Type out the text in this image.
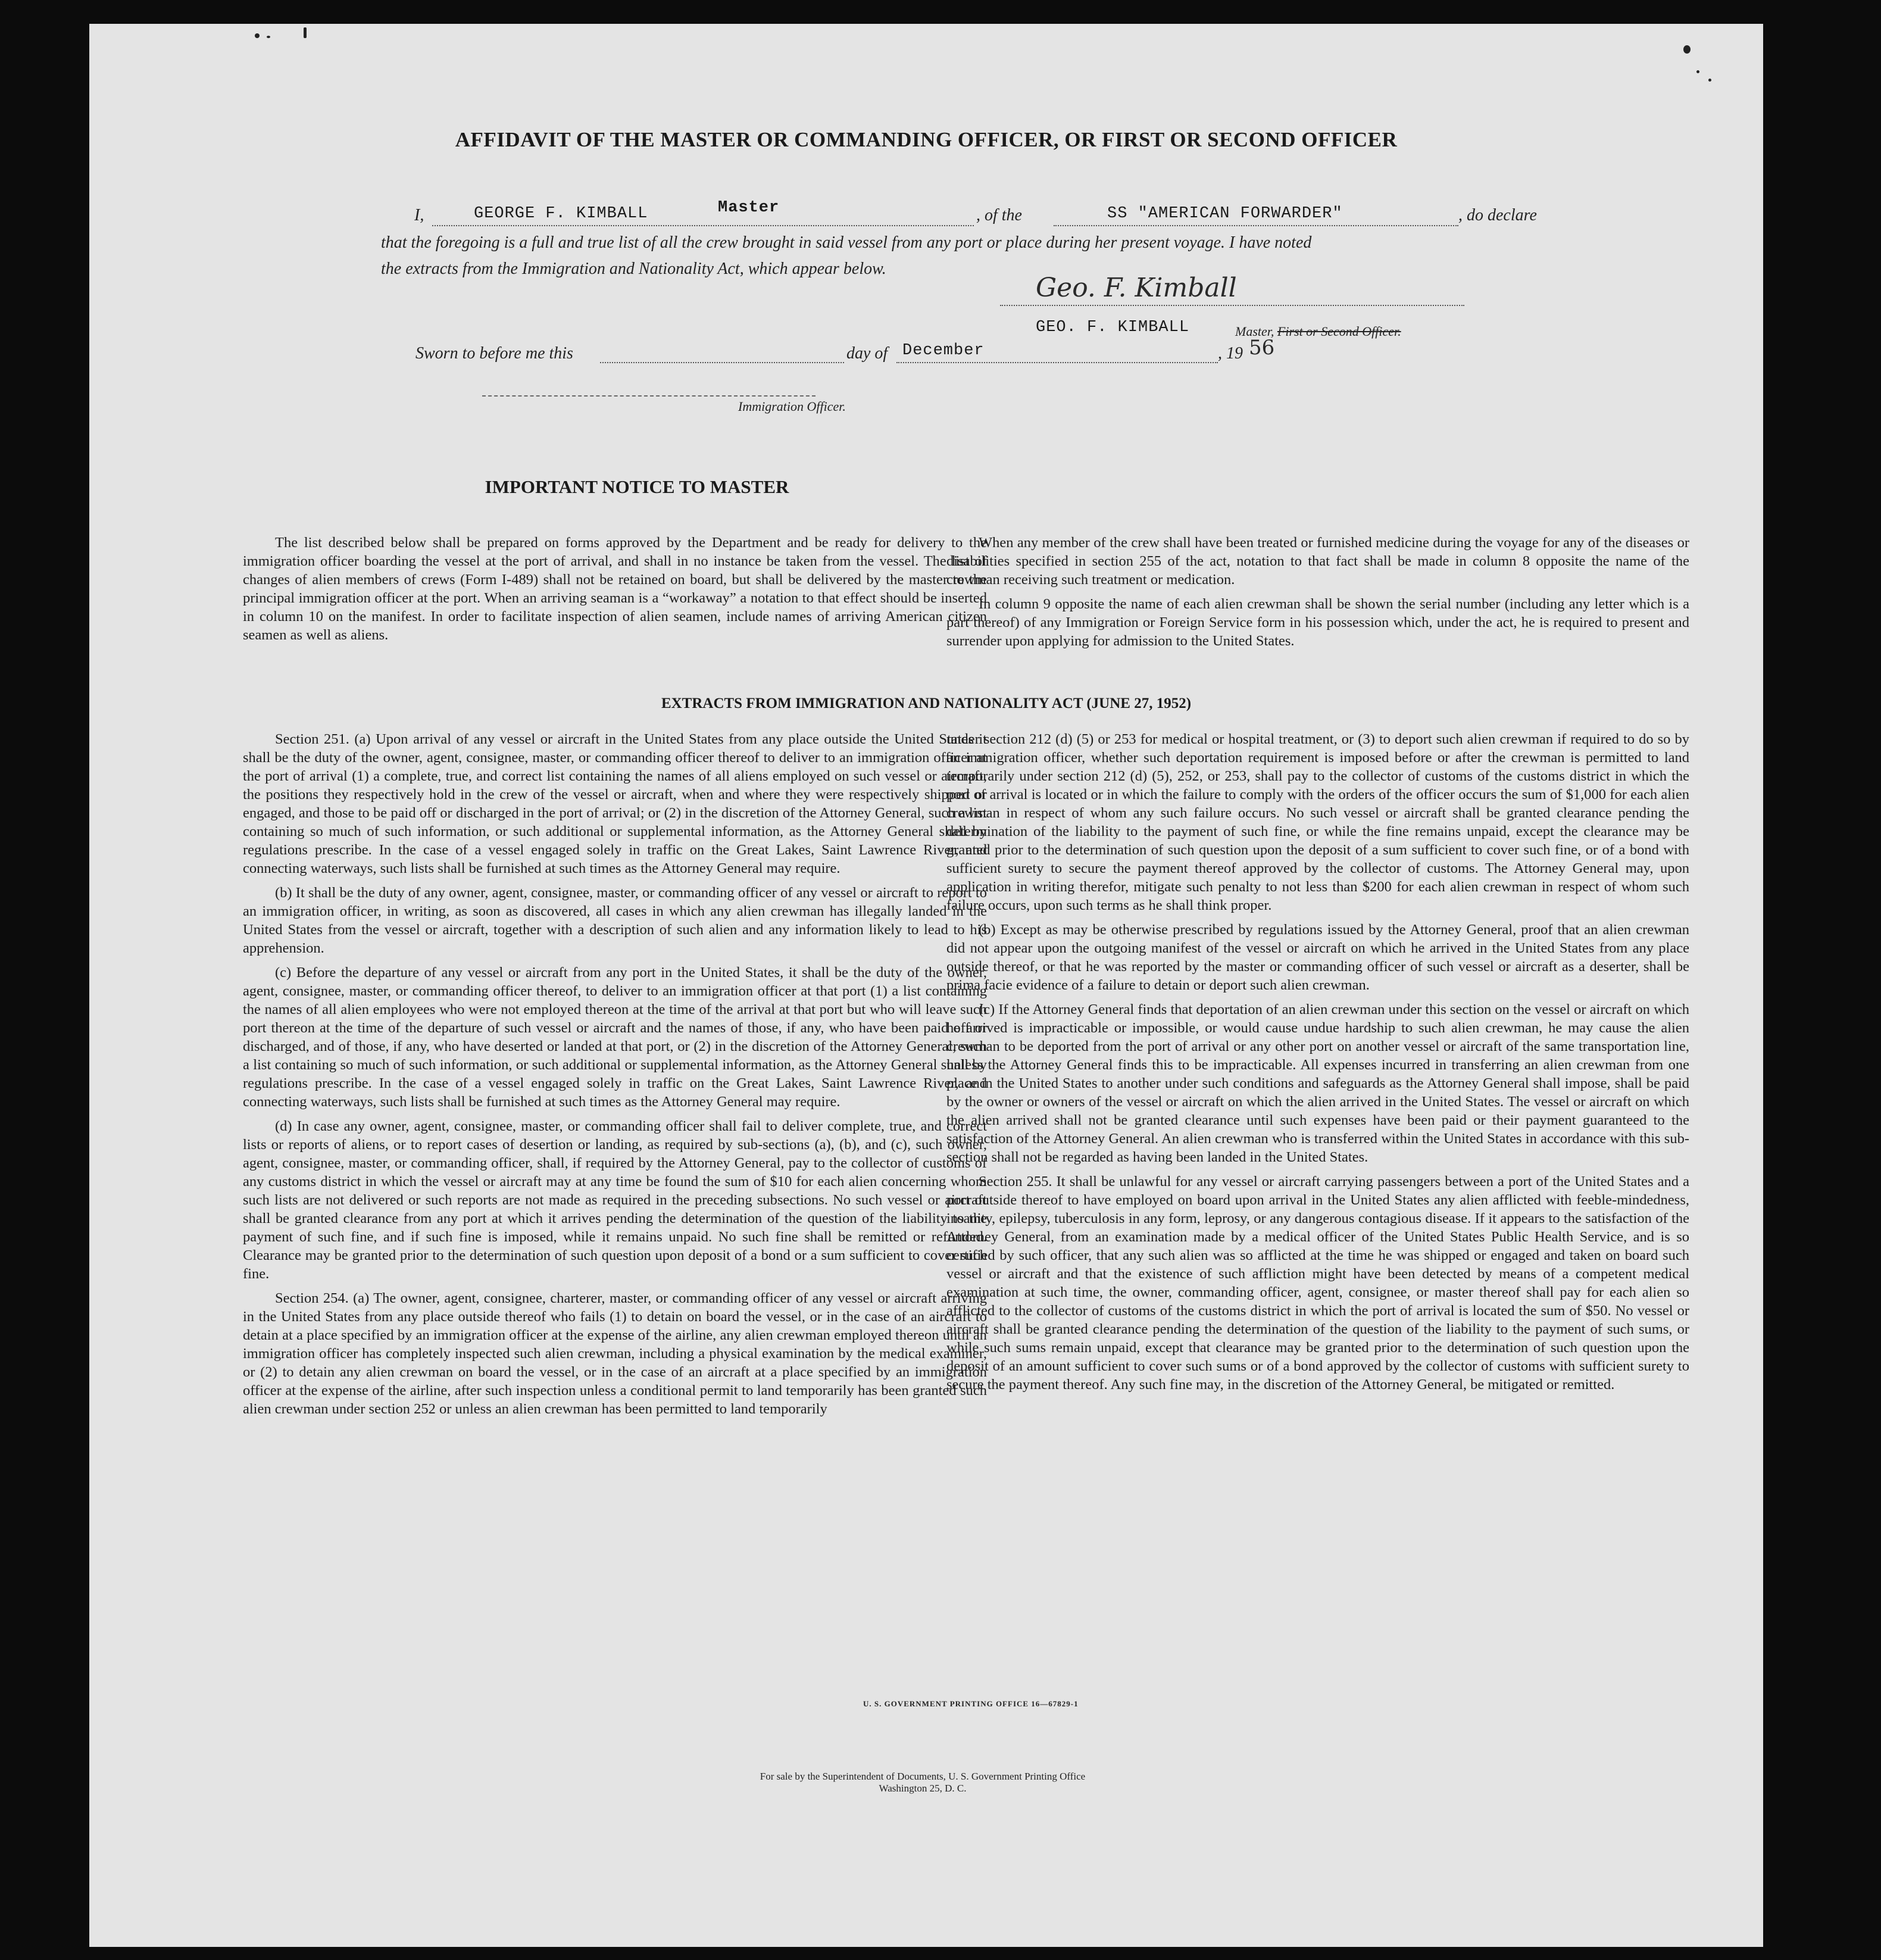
AFFIDAVIT OF THE MASTER OR COMMANDING OFFICER, OR FIRST OR SECOND OFFICER
I,	GEORGE F. KIMBALL	Master	, of the	SS "AMERICAN FORWARDER"	, do declare
that the foregoing is a full and true list of all the crew brought in said vessel from any port or place during her present voyage. I have noted
the extracts from the Immigration and Nationality Act, which appear below.
Geo. F. Kimball
GEO. F. KIMBALL	Master, First or Second Officer.
Sworn to before me this	day of December	, 19 56
Immigration Officer.
IMPORTANT NOTICE TO MASTER

The list described below shall be prepared on forms approved by the Department and be ready for delivery to the immigration officer boarding the vessel at the port of arrival, and shall in no instance be taken from the vessel. The list of changes of alien members of crews (Form I-489) shall not be retained on board, but shall be delivered by the master to the principal immigration officer at the port. When an arriving seaman is a “workaway” a notation to that effect should be inserted in column 10 on the manifest. In order to facilitate inspection of alien seamen, include names of arriving American citizen seamen as well as aliens.

When any member of the crew shall have been treated or furnished medicine during the voyage for any of the diseases or disabilities specified in section 255 of the act, notation to that fact shall be made in column 8 opposite the name of the crewman receiving such treatment or medication.

In column 9 opposite the name of each alien crewman shall be shown the serial number (including any letter which is a part thereof) of any Immigration or Foreign Service form in his possession which, under the act, he is required to present and surrender upon applying for admission to the United States.

EXTRACTS FROM IMMIGRATION AND NATIONALITY ACT (JUNE 27, 1952)

Section 251. (a) Upon arrival of any vessel or aircraft in the United States from any place outside the United States it shall be the duty of the owner, agent, consignee, master, or commanding officer thereof to deliver to an immigration officer at the port of arrival (1) a complete, true, and correct list containing the names of all aliens employed on such vessel or aircraft, the positions they respectively hold in the crew of the vessel or aircraft, when and where they were respectively shipped or engaged, and those to be paid off or discharged in the port of arrival; or (2) in the discretion of the Attorney General, such a list containing so much of such information, or such additional or supplemental information, as the Attorney General shall by regulations prescribe. In the case of a vessel engaged solely in traffic on the Great Lakes, Saint Lawrence River, and connecting waterways, such lists shall be furnished at such times as the Attorney General may require.

(b) It shall be the duty of any owner, agent, consignee, master, or commanding officer of any vessel or aircraft to report to an immigration officer, in writing, as soon as discovered, all cases in which any alien crewman has illegally landed in the United States from the vessel or aircraft, together with a description of such alien and any information likely to lead to his apprehension.

(c) Before the departure of any vessel or aircraft from any port in the United States, it shall be the duty of the owner, agent, consignee, master, or commanding officer thereof, to deliver to an immigration officer at that port (1) a list containing the names of all alien employees who were not employed thereon at the time of the arrival at that port but who will leave such port thereon at the time of the departure of such vessel or aircraft and the names of those, if any, who have been paid off or discharged, and of those, if any, who have deserted or landed at that port, or (2) in the discretion of the Attorney General, such a list containing so much of such information, or such additional or supplemental information, as the Attorney General shall by regulations prescribe. In the case of a vessel engaged solely in traffic on the Great Lakes, Saint Lawrence River, and connecting waterways, such lists shall be furnished at such times as the Attorney General may require.

(d) In case any owner, agent, consignee, master, or commanding officer shall fail to deliver complete, true, and correct lists or reports of aliens, or to report cases of desertion or landing, as required by sub-sections (a), (b), and (c), such owner, agent, consignee, master, or commanding officer, shall, if required by the Attorney General, pay to the collector of customs of any customs district in which the vessel or aircraft may at any time be found the sum of $10 for each alien concerning whom such lists are not delivered or such reports are not made as required in the preceding subsections. No such vessel or aircraft shall be granted clearance from any port at which it arrives pending the determination of the question of the liability to the payment of such fine, and if such fine is imposed, while it remains unpaid. No such fine shall be remitted or refunded. Clearance may be granted prior to the determination of such question upon deposit of a bond or a sum sufficient to cover such fine.

Section 254. (a) The owner, agent, consignee, charterer, master, or commanding officer of any vessel or aircraft arriving in the United States from any place outside thereof who fails (1) to detain on board the vessel, or in the case of an aircraft to detain at a place specified by an immigration officer at the expense of the airline, any alien crewman employed thereon until an immigration officer has completely inspected such alien crewman, including a physical examination by the medical examiner, or (2) to detain any alien crewman on board the vessel, or in the case of an aircraft at a place specified by an immigration officer at the expense of the airline, after such inspection unless a conditional permit to land temporarily has been granted such alien crewman under section 252 or unless an alien crewman has been permitted to land temporarily

under section 212 (d) (5) or 253 for medical or hospital treatment, or (3) to deport such alien crewman if required to do so by an immigration officer, whether such deportation requirement is imposed before or after the crewman is permitted to land temporarily under section 212 (d) (5), 252, or 253, shall pay to the collector of customs of the customs district in which the port of arrival is located or in which the failure to comply with the orders of the officer occurs the sum of $1,000 for each alien crewman in respect of whom any such failure occurs. No such vessel or aircraft shall be granted clearance pending the determination of the liability to the payment of such fine, or while the fine remains unpaid, except the clearance may be granted prior to the determination of such question upon the deposit of a sum sufficient to cover such fine, or of a bond with sufficient surety to secure the payment thereof approved by the collector of customs. The Attorney General may, upon application in writing therefor, mitigate such penalty to not less than $200 for each alien crewman in respect of whom such failure occurs, upon such terms as he shall think proper.

(b) Except as may be otherwise prescribed by regulations issued by the Attorney General, proof that an alien crewman did not appear upon the outgoing manifest of the vessel or aircraft on which he arrived in the United States from any place outside thereof, or that he was reported by the master or commanding officer of such vessel or aircraft as a deserter, shall be prima facie evidence of a failure to detain or deport such alien crewman.

(c) If the Attorney General finds that deportation of an alien crewman under this section on the vessel or aircraft on which he arrived is impracticable or impossible, or would cause undue hardship to such alien crewman, he may cause the alien crewman to be deported from the port of arrival or any other port on another vessel or aircraft of the same transportation line, unless the Attorney General finds this to be impracticable. All expenses incurred in transferring an alien crewman from one place in the United States to another under such conditions and safeguards as the Attorney General shall impose, shall be paid by the owner or owners of the vessel or aircraft on which the alien arrived in the United States. The vessel or aircraft on which the alien arrived shall not be granted clearance until such expenses have been paid or their payment guaranteed to the satisfaction of the Attorney General. An alien crewman who is transferred within the United States in accordance with this sub-section shall not be regarded as having been landed in the United States.

Section 255. It shall be unlawful for any vessel or aircraft carrying passengers between a port of the United States and a port outside thereof to have employed on board upon arrival in the United States any alien afflicted with feeble-mindedness, insanity, epilepsy, tuberculosis in any form, leprosy, or any dangerous contagious disease. If it appears to the satisfaction of the Attorney General, from an examination made by a medical officer of the United States Public Health Service, and is so certified by such officer, that any such alien was so afflicted at the time he was shipped or engaged and taken on board such vessel or aircraft and that the existence of such affliction might have been detected by means of a competent medical examination at such time, the owner, commanding officer, agent, consignee, or master thereof shall pay for each alien so afflicted to the collector of customs of the customs district in which the port of arrival is located the sum of $50. No vessel or aircraft shall be granted clearance pending the determination of the question of the liability to the payment of such sums, or while such sums remain unpaid, except that clearance may be granted prior to the determination of such question upon the deposit of an amount sufficient to cover such sums or of a bond approved by the collector of customs with sufficient surety to secure the payment thereof. Any such fine may, in the discretion of the Attorney General, be mitigated or remitted.

U. S. GOVERNMENT PRINTING OFFICE 16—67829-1
For sale by the Superintendent of Documents, U. S. Government Printing Office
Washington 25, D. C.
